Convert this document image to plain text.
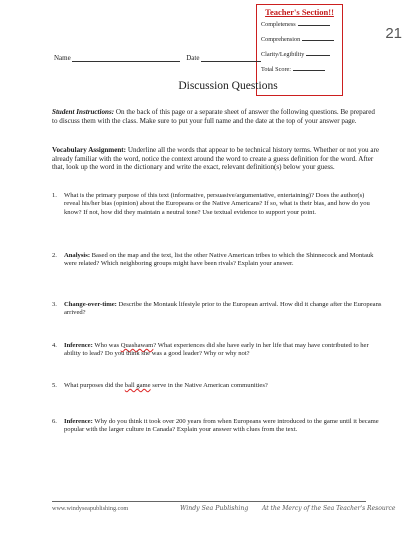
21
Teacher's Section!!
Completeness
Comprehension
Clarity/Legibility
Total Score:
Name	Date
Discussion Questions
Student Instructions: On the back of this page or a separate sheet of answer the following questions. Be prepared to discuss them with the class. Make sure to put your full name and the date at the top of your answer page.
Vocabulary Assignment: Underline all the words that appear to be technical history terms. Whether or not you are already familiar with the word, notice the context around the word to create a guess definition for the word. After that, look up the word in the dictionary and write the exact, relevant definition(s) below your guess.
1. What is the primary purpose of this text (informative, persuasive/argumentative, entertaining)? Does the author(s) reveal his/her bias (opinion) about the Europeans or the Native Americans? If so, what is their bias, and how do you know? If not, how did they maintain a neutral tone? Use textual evidence to support your point.
2. Analysis: Based on the map and the text, list the other Native American tribes to which the Shinnecock and Montauk were related? Which neighboring groups might have been rivals? Explain your answer.
3. Change-over-time: Describe the Montauk lifestyle prior to the European arrival. How did it change after the Europeans arrived?
4. Inference: Who was Quashawam? What experiences did she have early in her life that may have contributed to her ability to lead? Do you think she was a good leader? Why or why not?
5. What purposes did the ball game serve in the Native American communities?
6. Inference: Why do you think it took over 200 years from when Europeans were introduced to the game until it became popular with the larger culture in Canada? Explain your answer with clues from the text.
www.windyseapublishing.com	Windy Sea Publishing At the Mercy of the Sea Teacher's Resource
